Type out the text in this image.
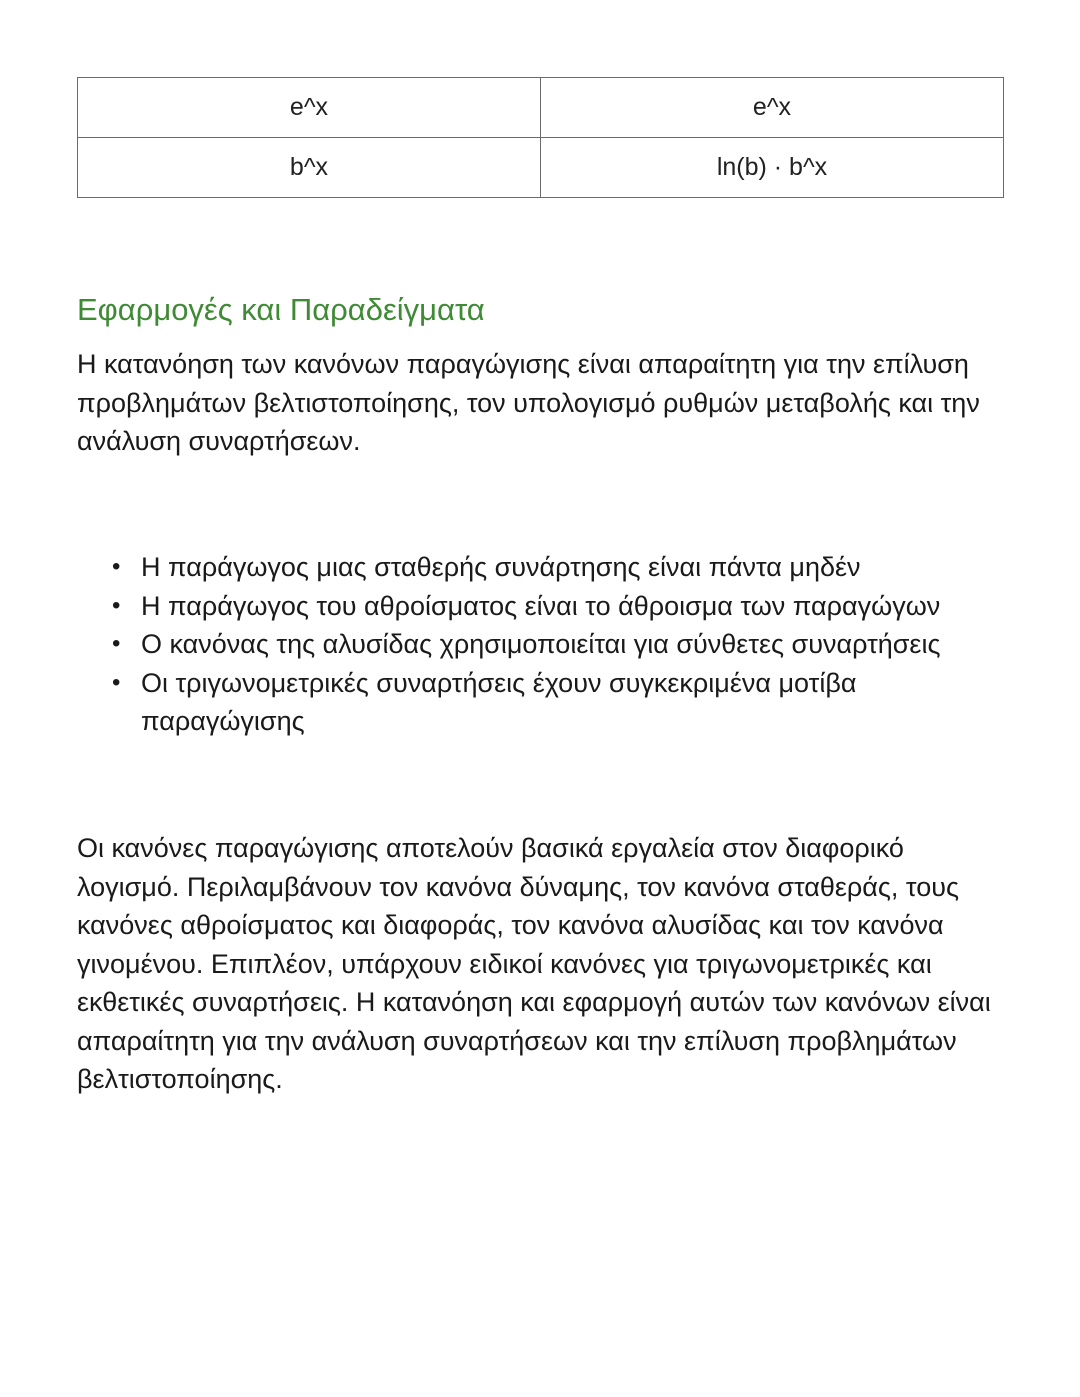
e^x	e^x
b^x	ln(b) · b^x
Εφαρμογές και Παραδείγματα

Η κατανόηση των κανόνων παραγώγισης είναι απαραίτητη για την επίλυση προβλημάτων βελτιστοποίησης, τον υπολογισμό ρυθμών μεταβολής και την ανάλυση συναρτήσεων.

• Η παράγωγος μιας σταθερής συνάρτησης είναι πάντα μηδέν
• Η παράγωγος του αθροίσματος είναι το άθροισμα των παραγώγων
• Ο κανόνας της αλυσίδας χρησιμοποιείται για σύνθετες συναρτήσεις
• Οι τριγωνομετρικές συναρτήσεις έχουν συγκεκριμένα μοτίβα παραγώγισης

Οι κανόνες παραγώγισης αποτελούν βασικά εργαλεία στον διαφορικό λογισμό. Περιλαμβάνουν τον κανόνα δύναμης, τον κανόνα σταθεράς, τους κανόνες αθροίσματος και διαφοράς, τον κανόνα αλυσίδας και τον κανόνα γινομένου. Επιπλέον, υπάρχουν ειδικοί κανόνες για τριγωνομετρικές και εκθετικές συναρτήσεις. Η κατανόηση και εφαρμογή αυτών των κανόνων είναι απαραίτητη για την ανάλυση συναρτήσεων και την επίλυση προβλημάτων βελτιστοποίησης.
